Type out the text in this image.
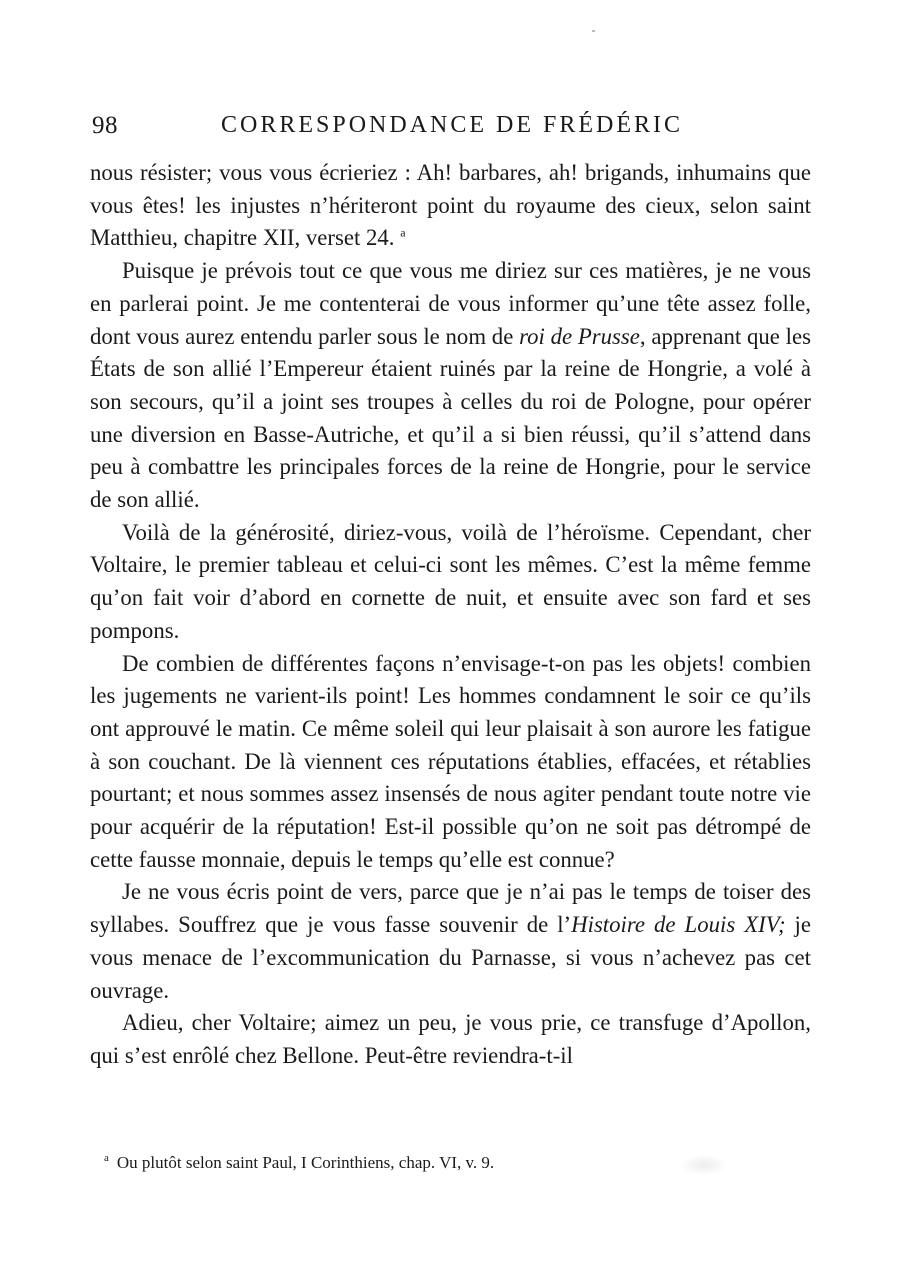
98	CORRESPONDANCE DE FRÉDÉRIC

nous résister; vous vous écrieriez : Ah! barbares, ah! brigands, inhumains que vous êtes! les injustes n’hériteront point du royaume des cieux, selon saint Matthieu, chapitre XII, verset 24. $^a$

Puisque je prévois tout ce que vous me diriez sur ces matières, je ne vous en parlerai point. Je me contenterai de vous informer qu’une tête assez folle, dont vous aurez entendu parler sous le nom de roi de Prusse, apprenant que les États de son allié l’Empereur étaient ruinés par la reine de Hongrie, a volé à son secours, qu’il a joint ses troupes à celles du roi de Pologne, pour opérer une diversion en Basse-Autriche, et qu’il a si bien réussi, qu’il s’attend dans peu à combattre les principales forces de la reine de Hongrie, pour le service de son allié.

Voilà de la générosité, diriez-vous, voilà de l’héroïsme. Cependant, cher Voltaire, le premier tableau et celui-ci sont les mêmes. C’est la même femme qu’on fait voir d’abord en cornette de nuit, et ensuite avec son fard et ses pompons.

De combien de différentes façons n’envisage-t-on pas les objets! combien les jugements ne varient-ils point! Les hommes condamnent le soir ce qu’ils ont approuvé le matin. Ce même soleil qui leur plaisait à son aurore les fatigue à son couchant. De là viennent ces réputations établies, effacées, et rétablies pourtant; et nous sommes assez insensés de nous agiter pendant toute notre vie pour acquérir de la réputation! Est-il possible qu’on ne soit pas détrompé de cette fausse monnaie, depuis le temps qu’elle est connue?

Je ne vous écris point de vers, parce que je n’ai pas le temps de toiser des syllabes. Souffrez que je vous fasse souvenir de l’Histoire de Louis XIV; je vous menace de l’excommunication du Parnasse, si vous n’achevez pas cet ouvrage.

Adieu, cher Voltaire; aimez un peu, je vous prie, ce transfuge d’Apollon, qui s’est enrôlé chez Bellone. Peut-être reviendra-t-il

$^a$ Ou plutôt selon saint Paul, I Corinthiens, chap. VI, v. 9.
